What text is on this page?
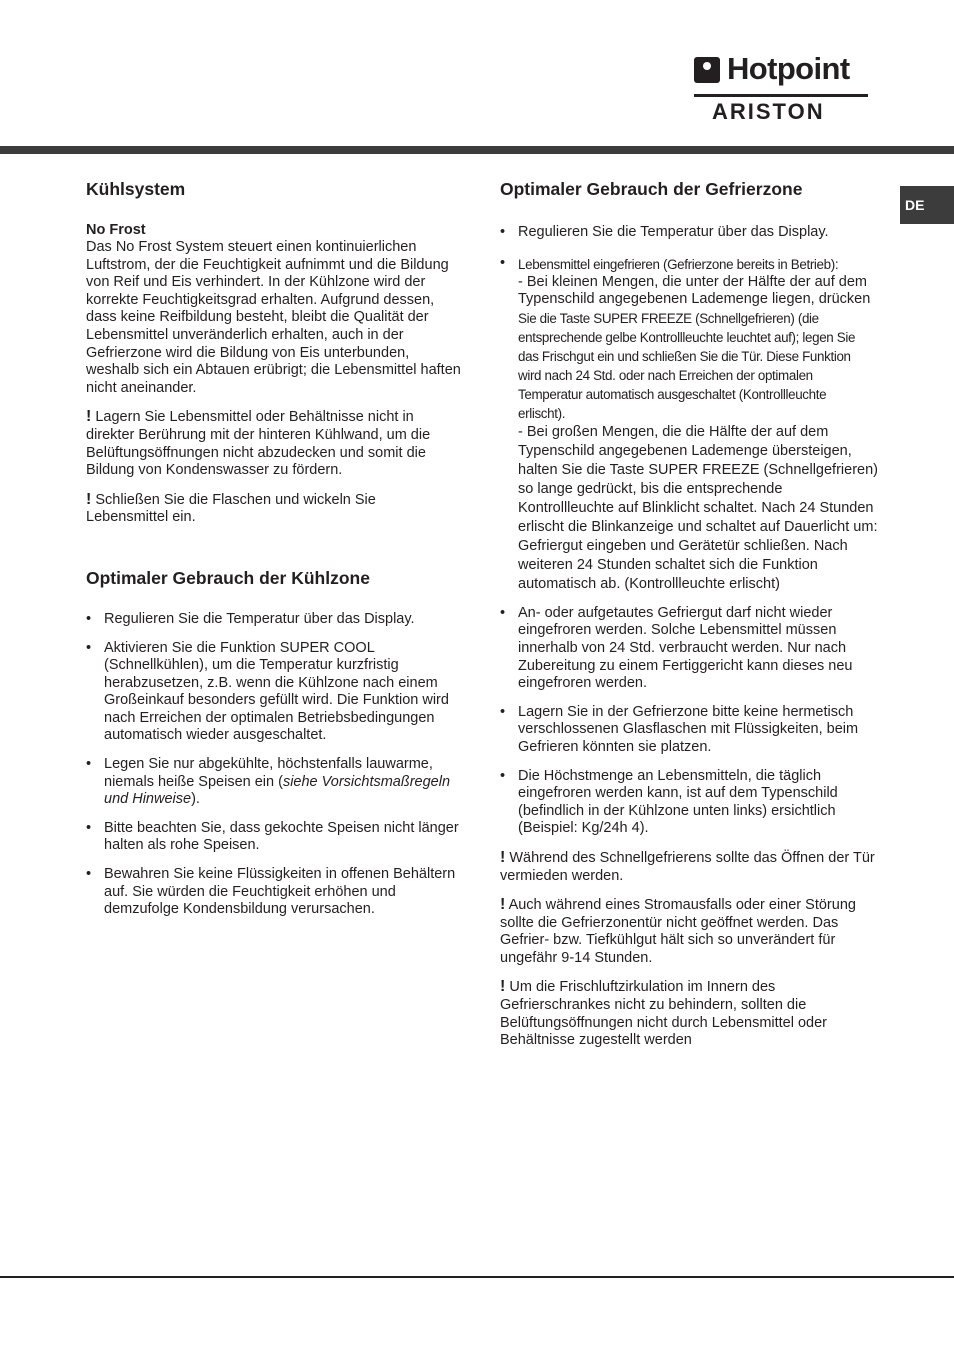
Hotpoint
ARISTON
DE
Kühlsystem
No Frost

Das No Frost System steuert einen kontinuierlichen Luftstrom, der die Feuchtigkeit aufnimmt und die Bildung von Reif und Eis verhindert. In der Kühlzone wird der korrekte Feuchtigkeitsgrad erhalten. Aufgrund dessen, dass keine Reifbildung besteht, bleibt die Qualität der Lebensmittel unveränderlich erhalten, auch in der Gefrierzone wird die Bildung von Eis unterbunden, weshalb sich ein Abtauen erübrigt; die Lebensmittel haften nicht aneinander.

! Lagern Sie Lebensmittel oder Behältnisse nicht in direkter Berührung mit der hinteren Kühlwand, um die Belüftungsöffnungen nicht abzudecken und somit die Bildung von Kondenswasser zu fördern.

! Schließen Sie die Flaschen und wickeln Sie Lebensmittel ein.

Optimaler Gebrauch der Kühlzone
• Regulieren Sie die Temperatur über das Display.
• Aktivieren Sie die Funktion SUPER COOL (Schnellkühlen), um die Temperatur kurzfristig herabzusetzen, z.B. wenn die Kühlzone nach einem Großeinkauf besonders gefüllt wird. Die Funktion wird nach Erreichen der optimalen Betriebsbedingungen automatisch wieder ausgeschaltet.
• Legen Sie nur abgekühlte, höchstenfalls lauwarme, niemals heiße Speisen ein (siehe Vorsichtsmaßregeln und Hinweise).
• Bitte beachten Sie, dass gekochte Speisen nicht länger halten als rohe Speisen.
• Bewahren Sie keine Flüssigkeiten in offenen Behältern auf. Sie würden die Feuchtigkeit erhöhen und demzufolge Kondensbildung verursachen.
Optimaler Gebrauch der Gefrierzone
• Regulieren Sie die Temperatur über das Display.
• Lebensmittel eingefrieren (Gefrierzone bereits in Betrieb):
- Bei kleinen Mengen, die unter der Hälfte der auf dem
Typenschild angegebenen Lademenge liegen, drücken
Sie die Taste SUPER FREEZE (Schnellgefrieren) (die
entsprechende gelbe Kontrollleuchte leuchtet auf); legen Sie
das Frischgut ein und schließen Sie die Tür. Diese Funktion
wird nach 24 Std. oder nach Erreichen der optimalen
Temperatur automatisch ausgeschaltet (Kontrollleuchte
erlischt).
- Bei großen Mengen, die die Hälfte der auf dem
Typenschild angegebenen Lademenge übersteigen,
halten Sie die Taste SUPER FREEZE (Schnellgefrieren)
so lange gedrückt, bis die entsprechende
Kontrollleuchte auf Blinklicht schaltet. Nach 24 Stunden
erlischt die Blinkanzeige und schaltet auf Dauerlicht um:
Gefriergut eingeben und Gerätetür schließen. Nach
weiteren 24 Stunden schaltet sich die Funktion
automatisch ab. (Kontrollleuchte erlischt)
• An- oder aufgetautes Gefriergut darf nicht wieder eingefroren werden. Solche Lebensmittel müssen innerhalb von 24 Std. verbraucht werden. Nur nach Zubereitung zu einem Fertiggericht kann dieses neu eingefroren werden.
• Lagern Sie in der Gefrierzone bitte keine hermetisch verschlossenen Glasflaschen mit Flüssigkeiten, beim Gefrieren könnten sie platzen.
• Die Höchstmenge an Lebensmitteln, die täglich eingefroren werden kann, ist auf dem Typenschild (befindlich in der Kühlzone unten links) ersichtlich (Beispiel: Kg/24h 4).

! Während des Schnellgefrierens sollte das Öffnen der Tür vermieden werden.

! Auch während eines Stromausfalls oder einer Störung sollte die Gefrierzonentür nicht geöffnet werden. Das Gefrier- bzw. Tiefkühlgut hält sich so unverändert für ungefähr 9-14 Stunden.

! Um die Frischluftzirkulation im Innern des Gefrierschrankes nicht zu behindern, sollten die Belüftungsöffnungen nicht durch Lebensmittel oder Behältnisse zugestellt werden
